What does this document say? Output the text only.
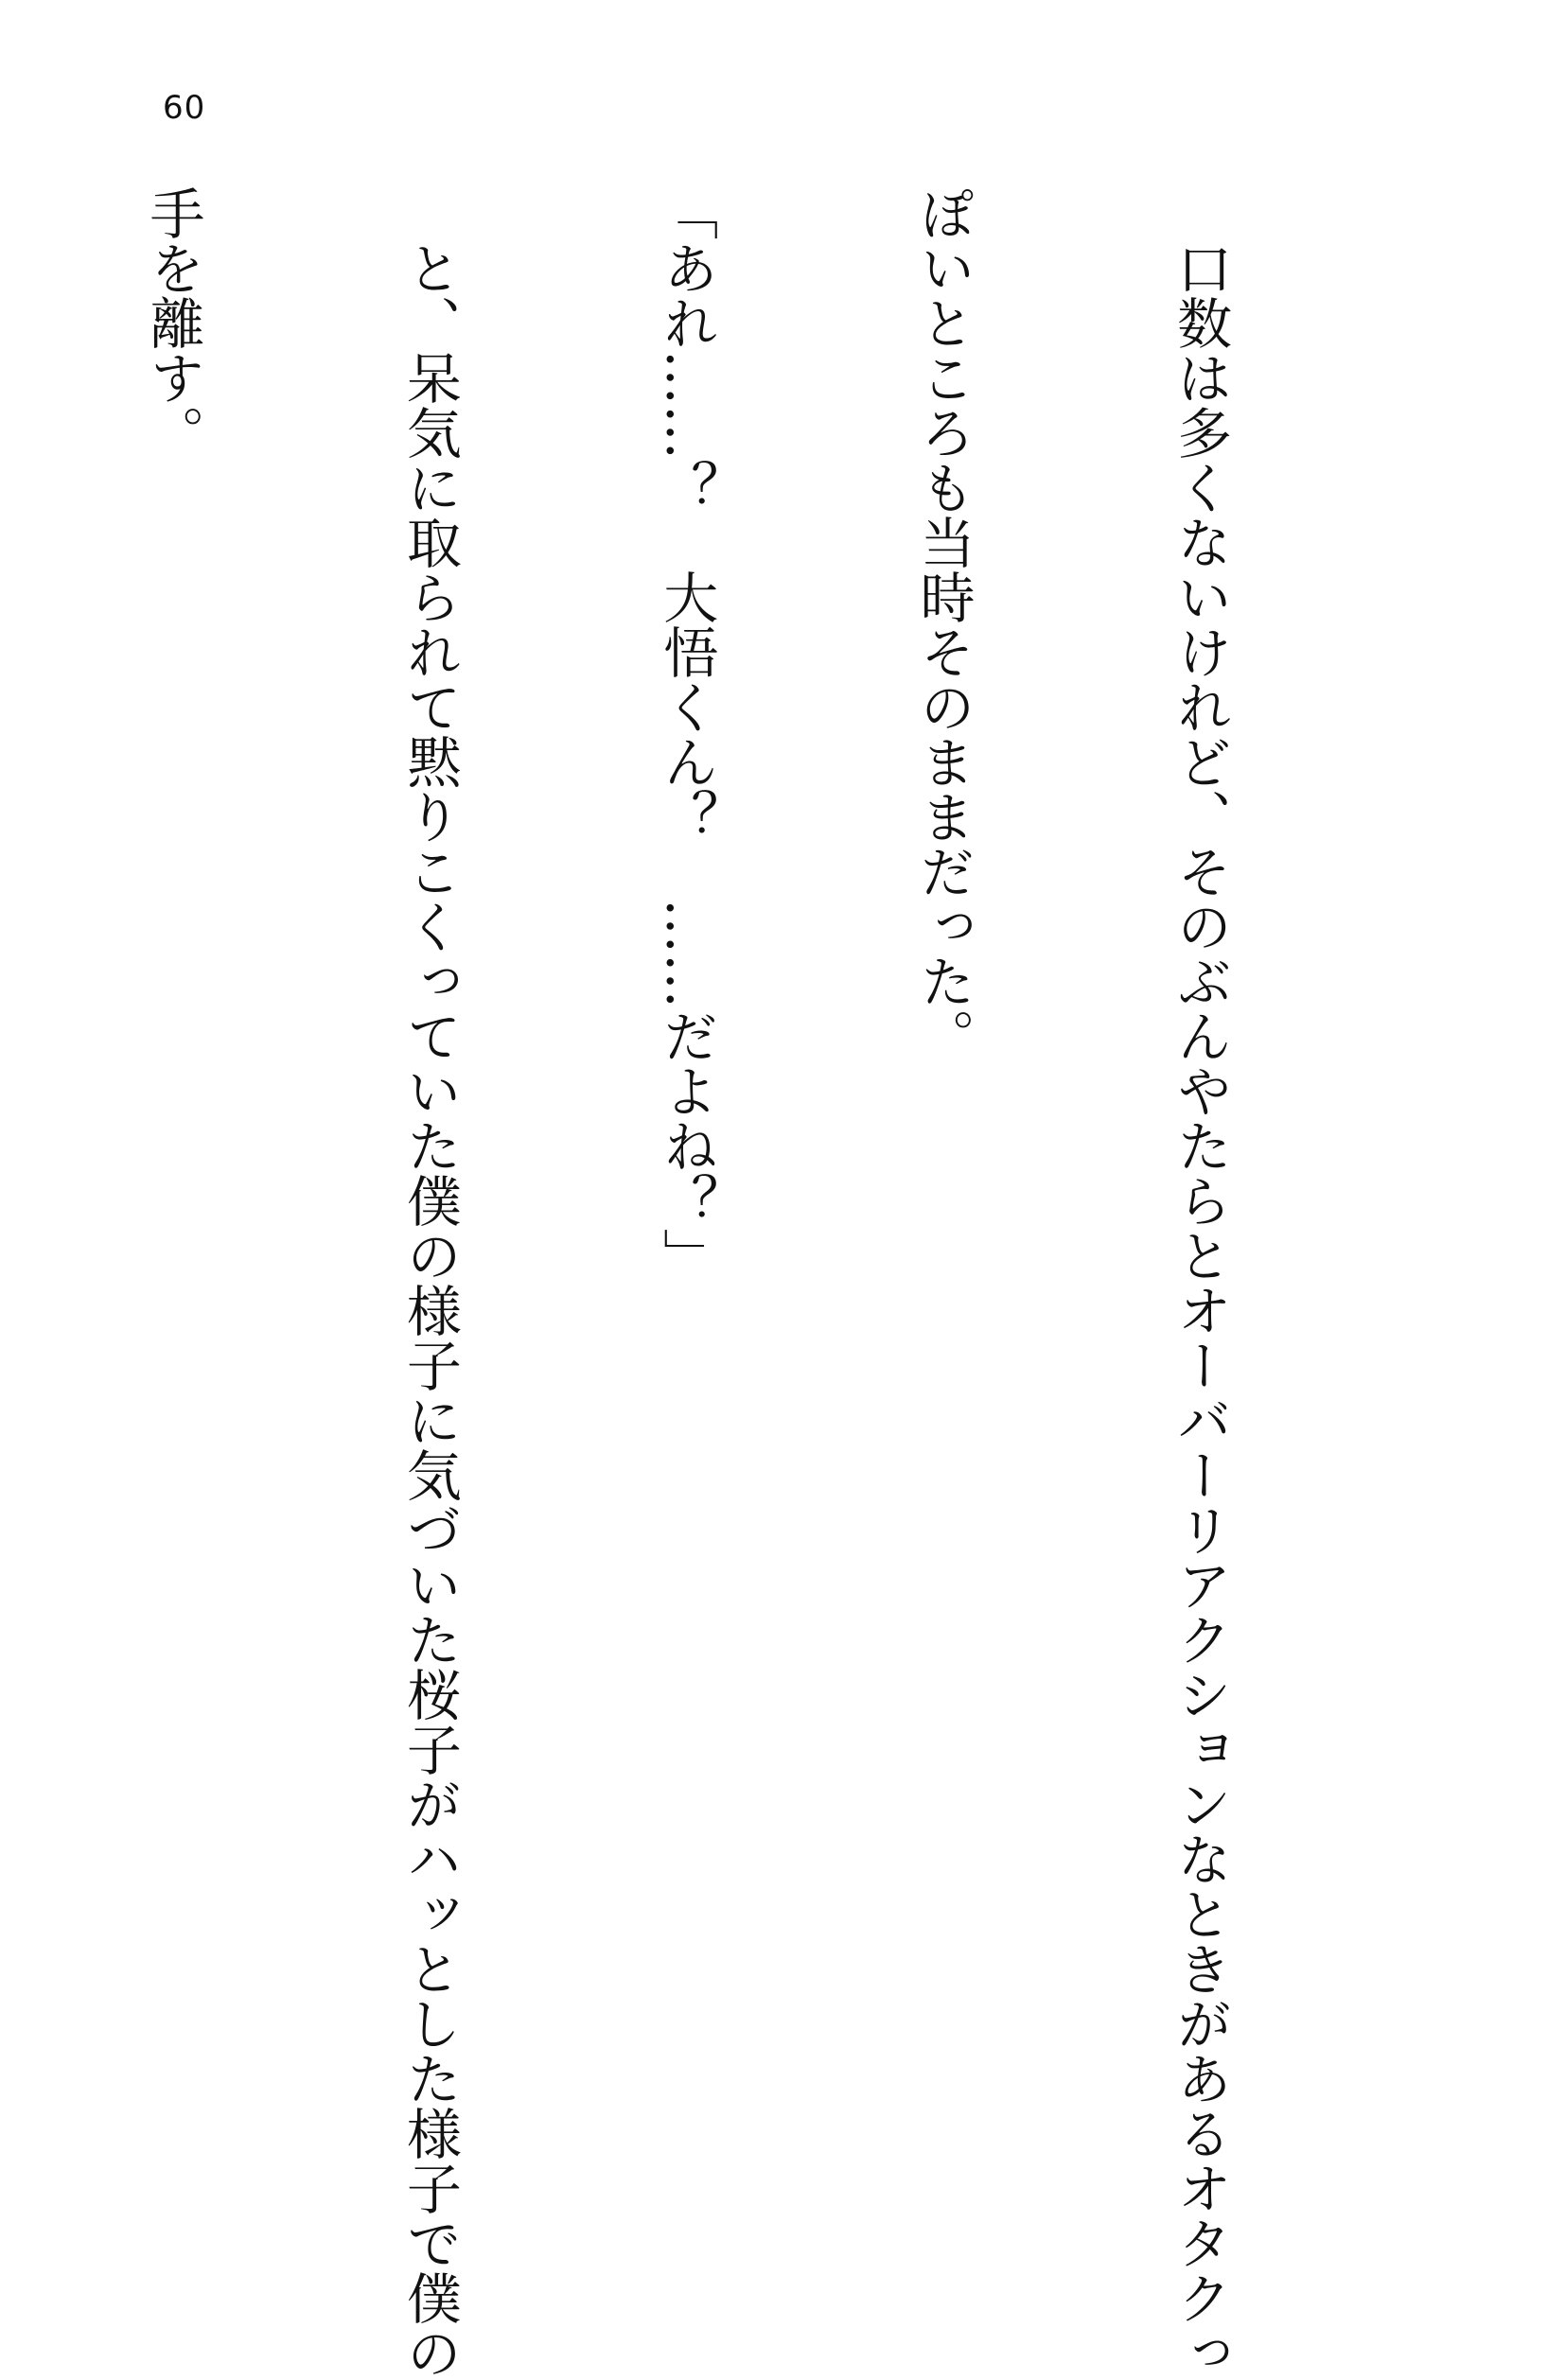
60

　口数は多くないけれど、そのぶんやたらとオーバーリアクションなときがあるオタクっ

ぽいところも当時そのままだった。

「あれ……？　大悟くん？　……だよね？」

　と、呆気に取られて黙りこくっていた僕の様子に気づいた桜子がハッとした様子で僕の

手を離す。
